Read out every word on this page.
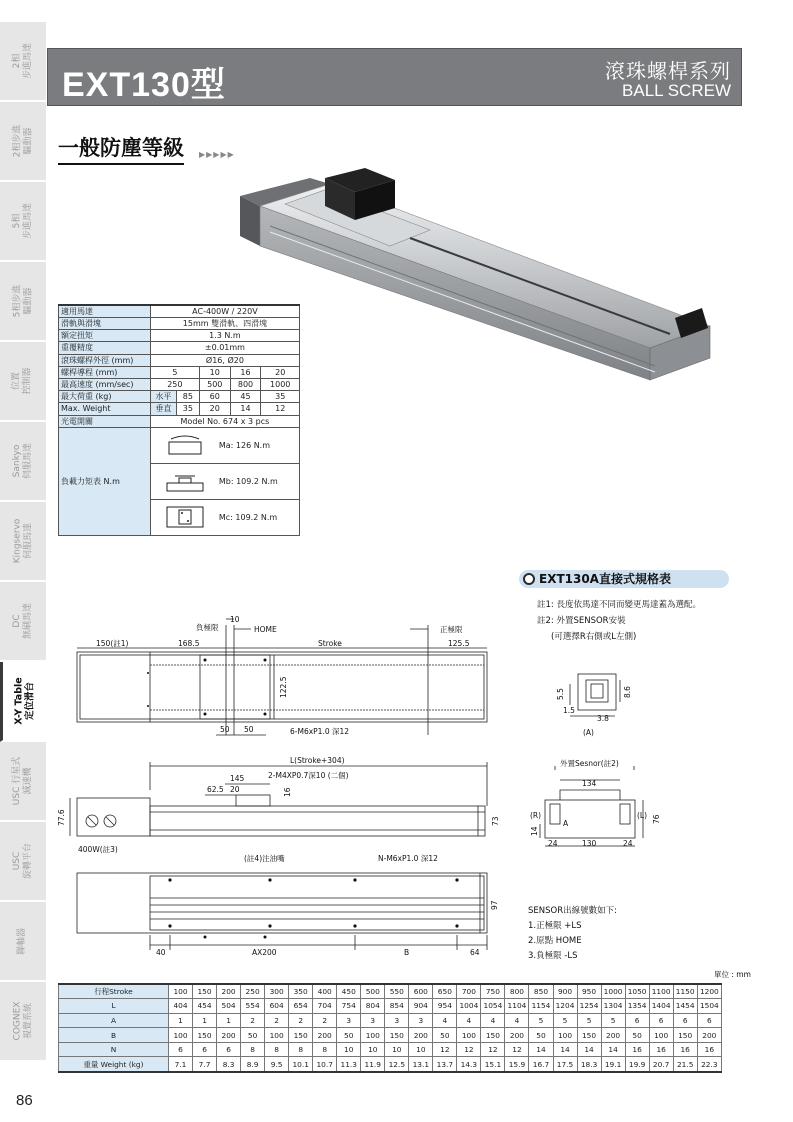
2相
步進馬達
2相步進
驅動器
5相
步進馬達
5相步進
驅動器
位置
控制器
Sankyo
伺服馬達
Kingservo
伺服馬達
DC
無刷馬達
X-Y Table
定位滑台
USC 行星式
減速機
USC
旋轉平台
聯軸器
COGNEX
視覺系統
EXT130型	滾珠螺桿系列
BALL SCREW
一般防塵等級 ▶▶▶▶▶
適用馬達	AC-400W / 220V				
滑軌與滑塊	15mm 雙滑軌、四滑塊				
額定扭矩	1.3 N.m				
重覆精度	±0.01mm				
滾珠螺桿外徑 (mm)	Ø16, Ø20				
螺桿導程 (mm)	5		10	16	20
最高速度 (mm/sec)	250		500	800	1000
最大荷重 (kg)	水平	85	60	45	35
Max. Weight	垂直	35	20	14	12
光電開關	Model No. 674 x 3 pcs				
負載力矩表 N.m	Ma: 126 N.m				

	Mb: 109.2 N.m				

	Mc: 109.2 N.m				
EXT130A直接式規格表
註1: 長度依馬達不同而變更馬達蓋為選配。
註2: 外置SENSOR安裝
(可選擇R右側或L左側)
負極限
10
HOME	正極限
150(註1)	168.5	Stroke	125.5
122.5
50 50	6-M6xP1.0 深12
L(Stroke+304)
145	2-M4XP0.7深10 (二個)
62.5 20	16
77.6	73
400W(註3)
(註4)注油嘴	N-M6xP1.0 深12
97
40	AX200	B	64
5.5	8.6
1.5
3.8
(A)
外置Sesnor(註2)
134
(R)	(L)
A
14
76
24	130	24
SENSOR出線號數如下:
1.正極限 +LS
2.原點 HOME
3.負極限 -LS
單位 : mm
行程Stroke	100	150	200	250	300	350	400	450	500	550	600	650	700	750	800	850	900	950	1000	1050	1100	1150	1200
L	404	454	504	554	604	654	704	754	804	854	904	954	1004	1054	1104	1154	1204	1254	1304	1354	1404	1454	1504
A	1	1	1	2	2	2	2	3	3	3	3	4	4	4	4	5	5	5	5	6	6	6	6
B	100	150	200	50	100	150	200	50	100	150	200	50	100	150	200	50	100	150	200	50	100	150	200
N	6	6	6	8	8	8	8	10	10	10	10	12	12	12	12	14	14	14	14	16	16	16	16
重量 Weight (kg)	7.1	7.7	8.3	8.9	9.5	10.1	10.7	11.3	11.9	12.5	13.1	13.7	14.3	15.1	15.9	16.7	17.5	18.3	19.1	19.9	20.7	21.5	22.3
86
